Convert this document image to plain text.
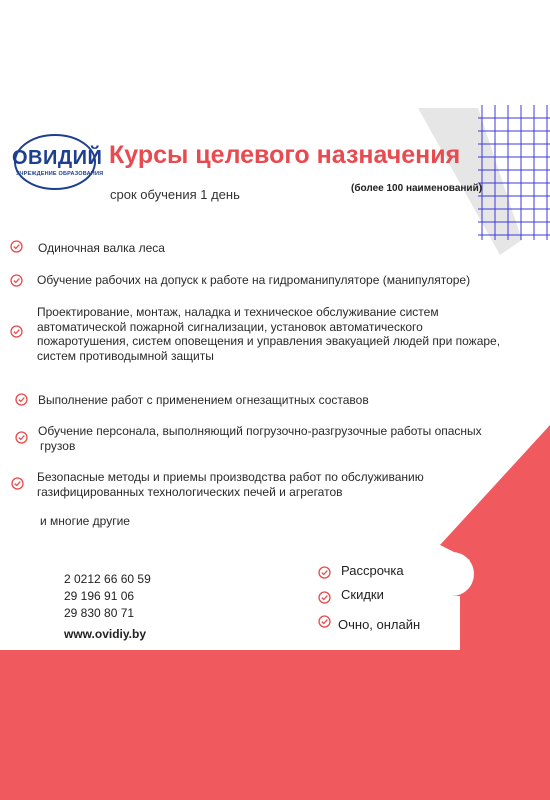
ОВИДИЙ
УЧРЕЖДЕНИЕ ОБРАЗОВАНИЯ
Курсы целевого назначения
срок обучения 1 день	(более 100 наименований)
Одиночная валка леса
Обучение рабочих на допуск к работе на гидроманипуляторе (манипуляторе)
Проектирование, монтаж, наладка и техническое обслуживание систем
автоматической пожарной сигнализации, установок автоматического
пожаротушения, систем оповещения и управления эвакуацией людей при пожаре,
систем противодымной защиты
Выполнение работ с применением огнезащитных составов
Обучение персонала, выполняющий погрузочно-разгрузочные работы опасных
грузов
Безопасные методы и приемы производства работ по обслуживанию
газифицированных технологических печей и агрегатов
и многие другие
2 0212 66 60 59
29 196 91 06
29 830 80 71
www.ovidiy.by
Рассрочка
Скидки
Очно, онлайн
